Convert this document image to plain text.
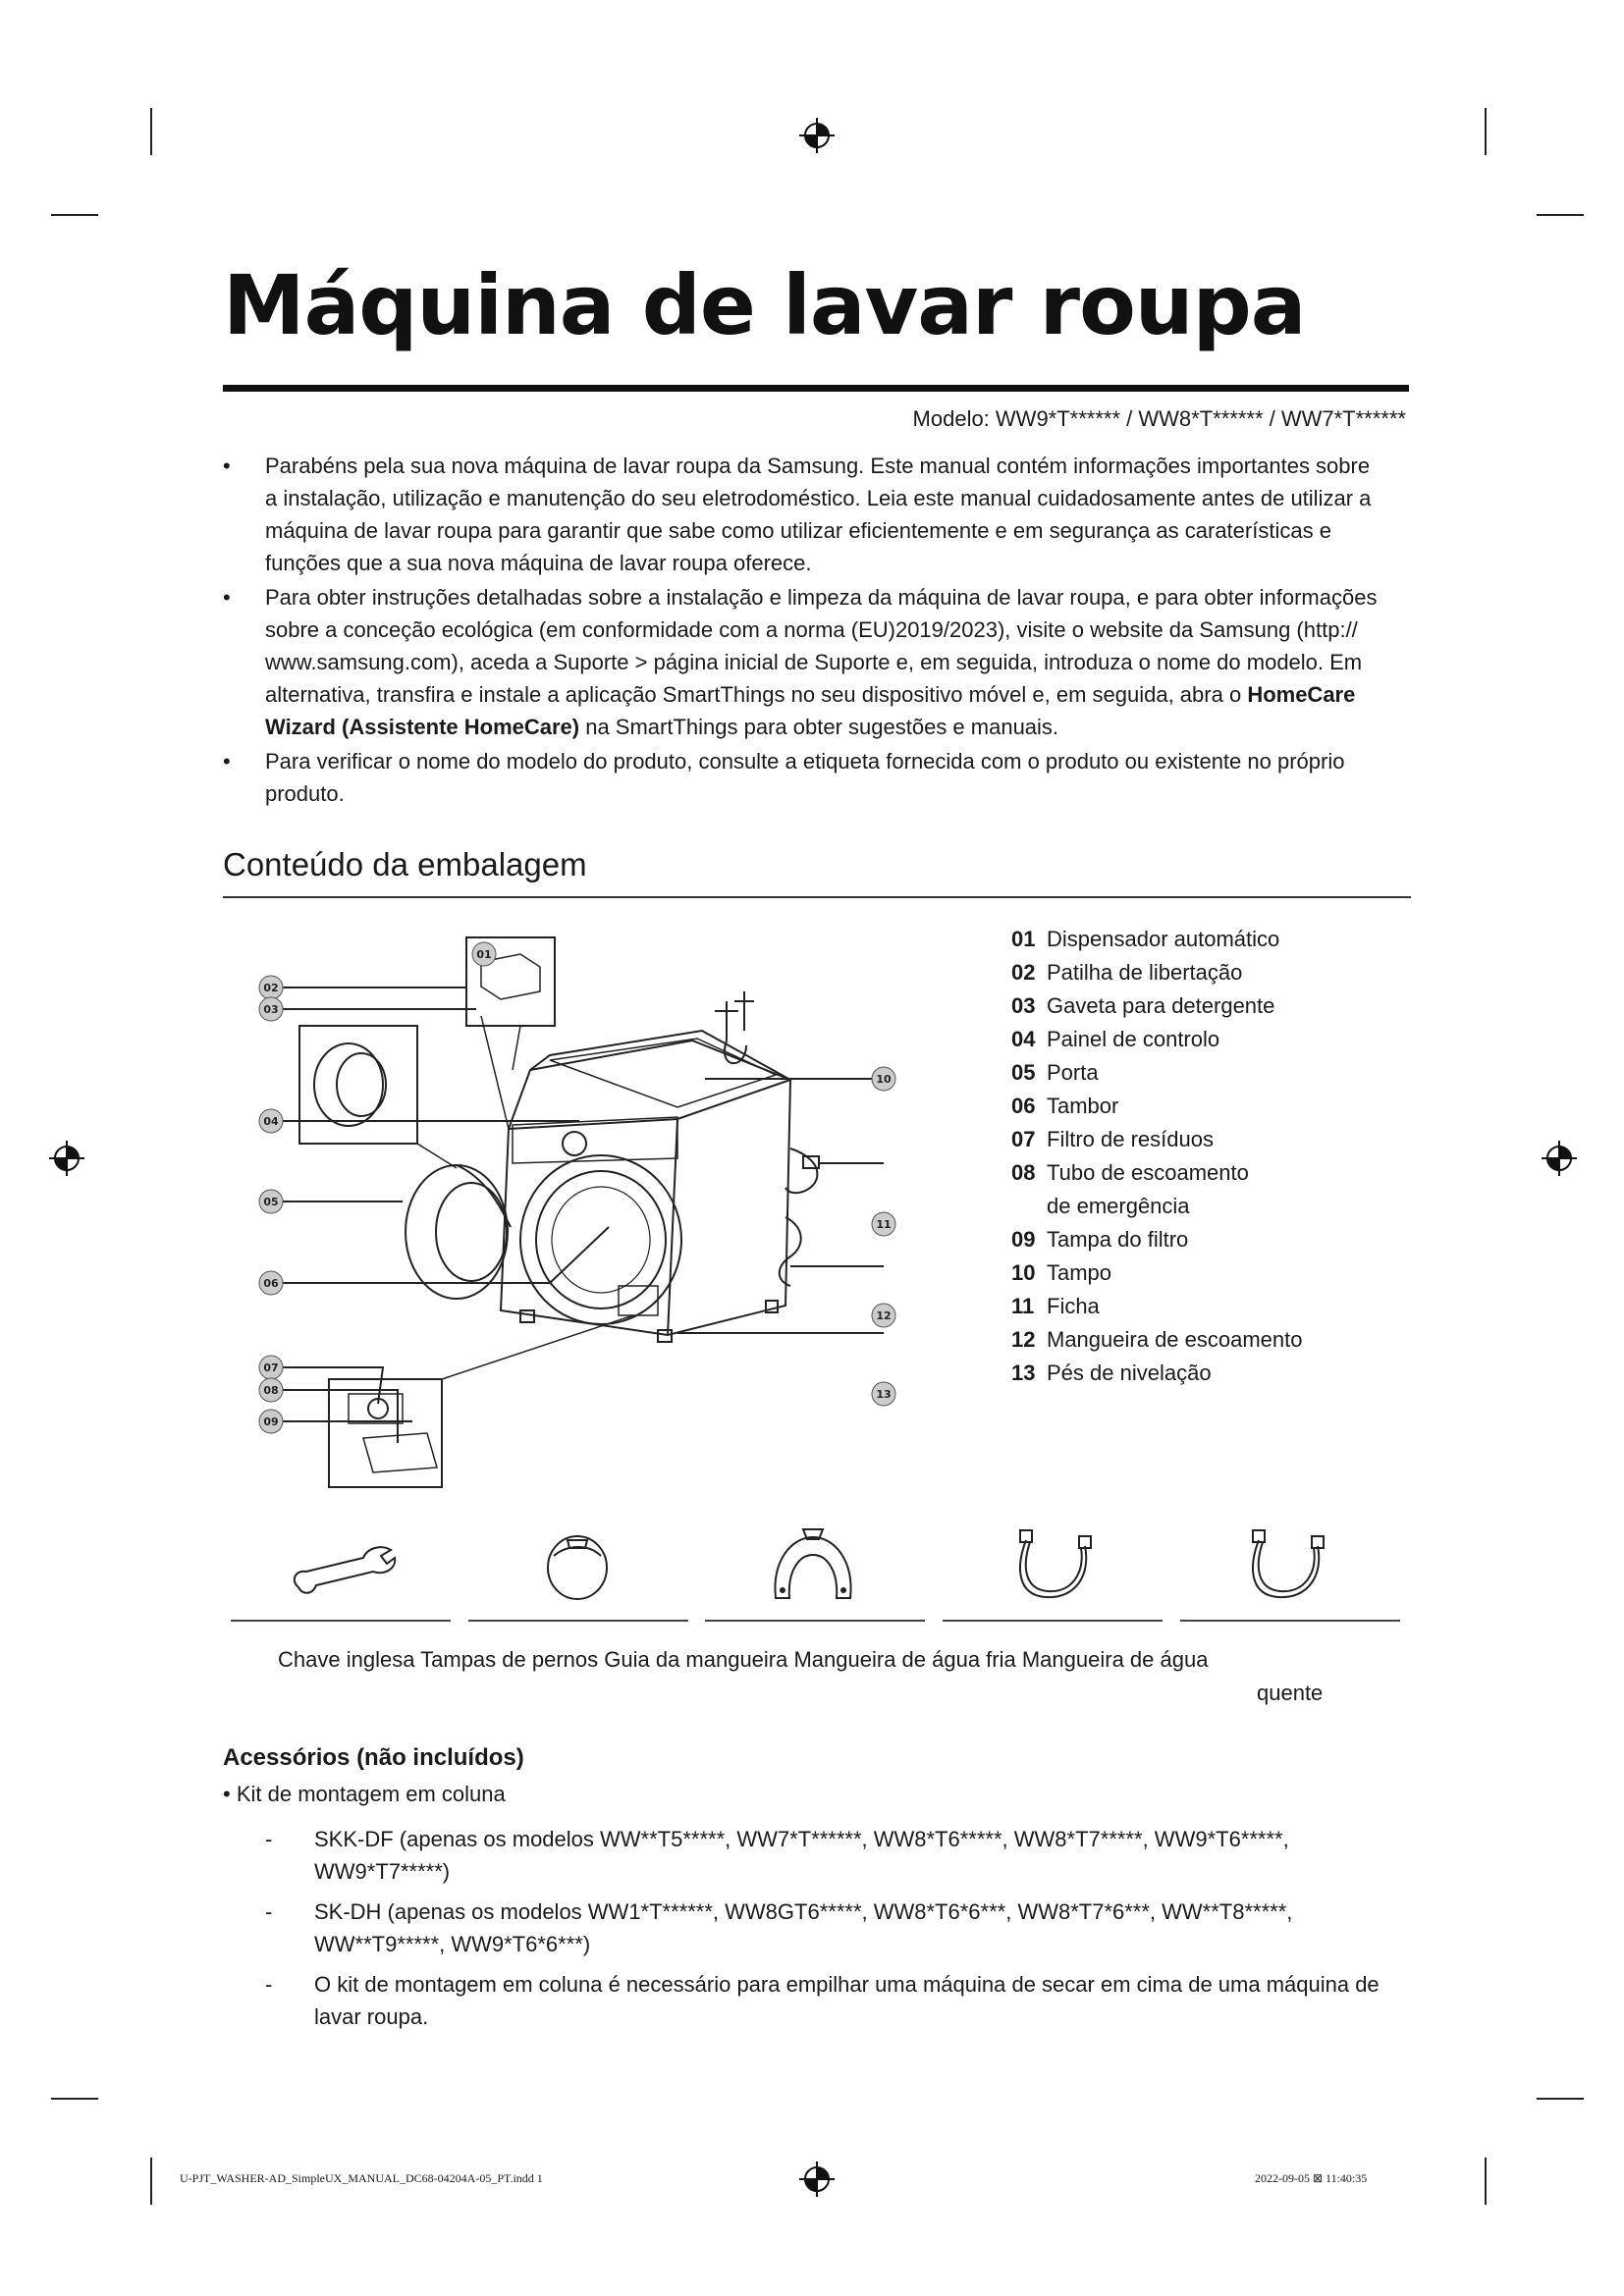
Máquina de lavar roupa
Modelo: WW9*T****** / WW8*T****** / WW7*T******
• Parabéns pela sua nova máquina de lavar roupa da Samsung. Este manual contém informações importantes sobre a instalação, utilização e manutenção do seu eletrodoméstico. Leia este manual cuidadosamente antes de utilizar a máquina de lavar roupa para garantir que sabe como utilizar eficientemente e em segurança as caraterísticas e funções que a sua nova máquina de lavar roupa oferece.
• Para obter instruções detalhadas sobre a instalação e limpeza da máquina de lavar roupa, e para obter informações sobre a conceção ecológica (em conformidade com a norma (EU)2019/2023), visite o website da Samsung (http:// www.samsung.com), aceda a Suporte > página inicial de Suporte e, em seguida, introduza o nome do modelo. Em alternativa, transfira e instale a aplicação SmartThings no seu dispositivo móvel e, em seguida, abra o HomeCare Wizard (Assistente HomeCare) na SmartThings para obter sugestões e manuais.
• Para verificar o nome do modelo do produto, consulte a etiqueta fornecida com o produto ou existente no próprio produto.
Conteúdo da embalagem
02
03
01
04
05
06
07
08
09
10
11
12
13
01 Dispensador automático
02 Patilha de libertação
03 Gaveta para detergente
04 Painel de controlo
05 Porta
06 Tambor
07 Filtro de resíduos
08 Tubo de escoamento de emergência
09 Tampa do filtro
10 Tampo
11 Ficha
12 Mangueira de escoamento
13 Pés de nivelação
Chave inglesa Tampas de pernos Guia da mangueira Mangueira de água fria Mangueira de água
quente
Acessórios (não incluídos)
• Kit de montagem em coluna
- SKK-DF (apenas os modelos WW**T5*****, WW7*T******, WW8*T6*****, WW8*T7*****, WW9*T6*****, WW9*T7*****)
- SK-DH (apenas os modelos WW1*T******, WW8GT6*****, WW8*T6*6***, WW8*T7*6***, WW**T8*****, WW**T9*****, WW9*T6*6***)
- O kit de montagem em coluna é necessário para empilhar uma máquina de secar em cima de uma máquina de lavar roupa.
U-PJT_WASHER-AD_SimpleUX_MANUAL_DC68-04204A-05_PT.indd 1	2022-09-05 ⊠ 11:40:35
